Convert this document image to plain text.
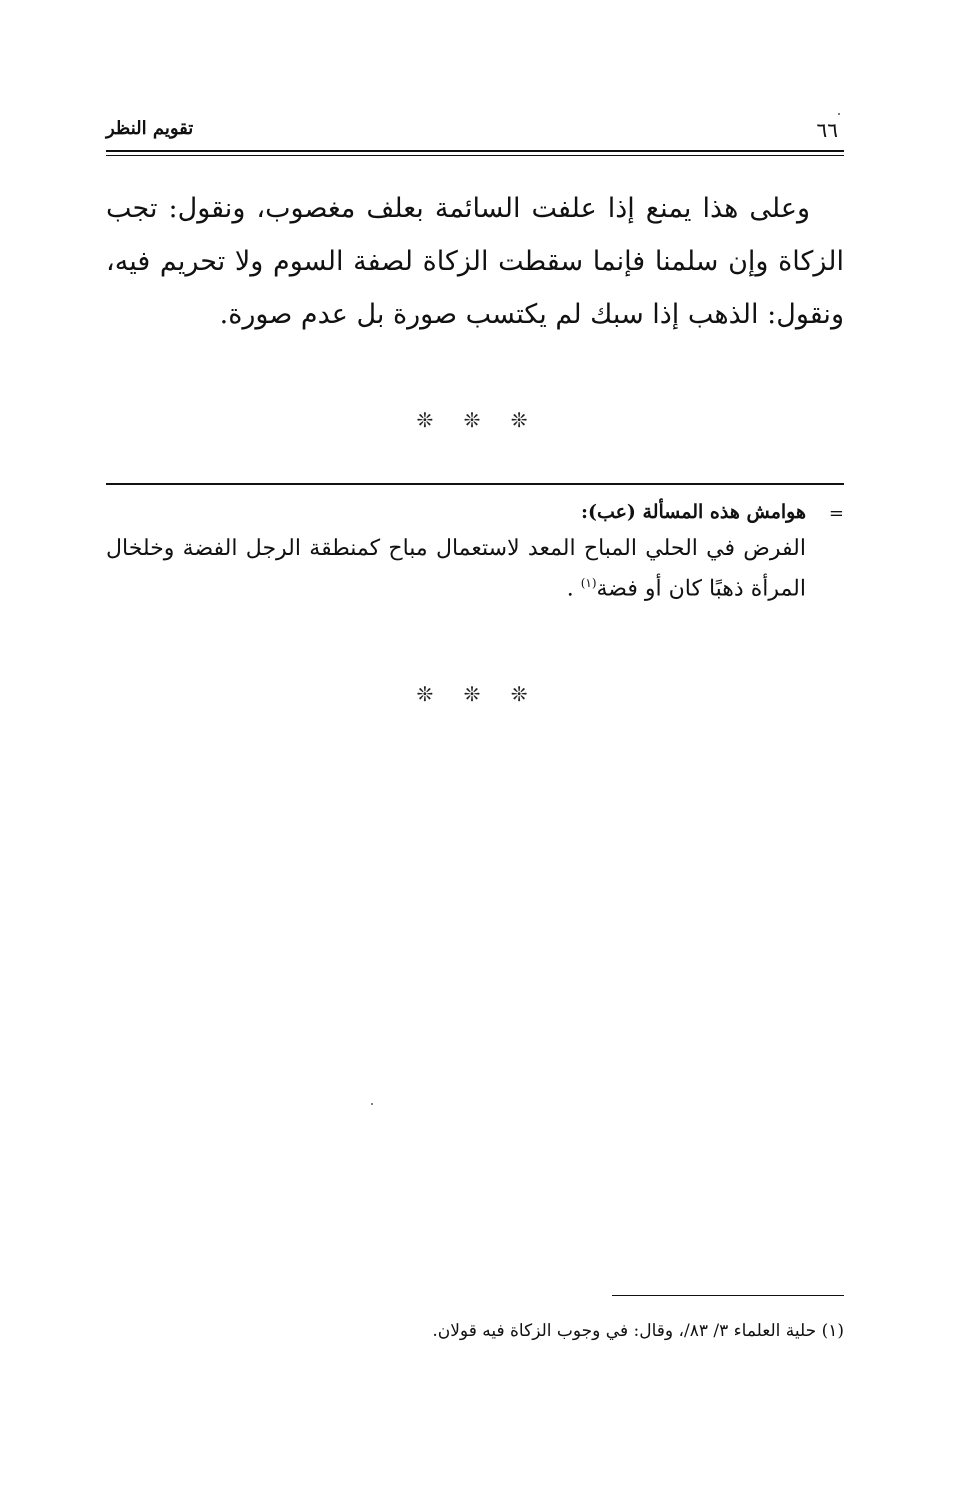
٦٦
تقويم النظر

وعلى هذا يمنع إذا علفت السائمة بعلف مغصوب، ونقول: تجب الزكاة وإن سلمنا فإنما سقطت الزكاة لصفة السوم ولا تحريم فيه، ونقول: الذهب إذا سبك لم يكتسب صورة بل عدم صورة.

❊ ❊ ❊
=

هوامش هذه المسألة (عب):

الفرض في الحلي المباح المعد لاستعمال مباح كمنطقة الرجل الفضة وخلخال المرأة ذهبًا كان أو فضة$^{(١)}$ .

❊ ❊ ❊
(١) حلية العلماء ٣/ ٨٣/، وقال: في وجوب الزكاة فيه قولان.
